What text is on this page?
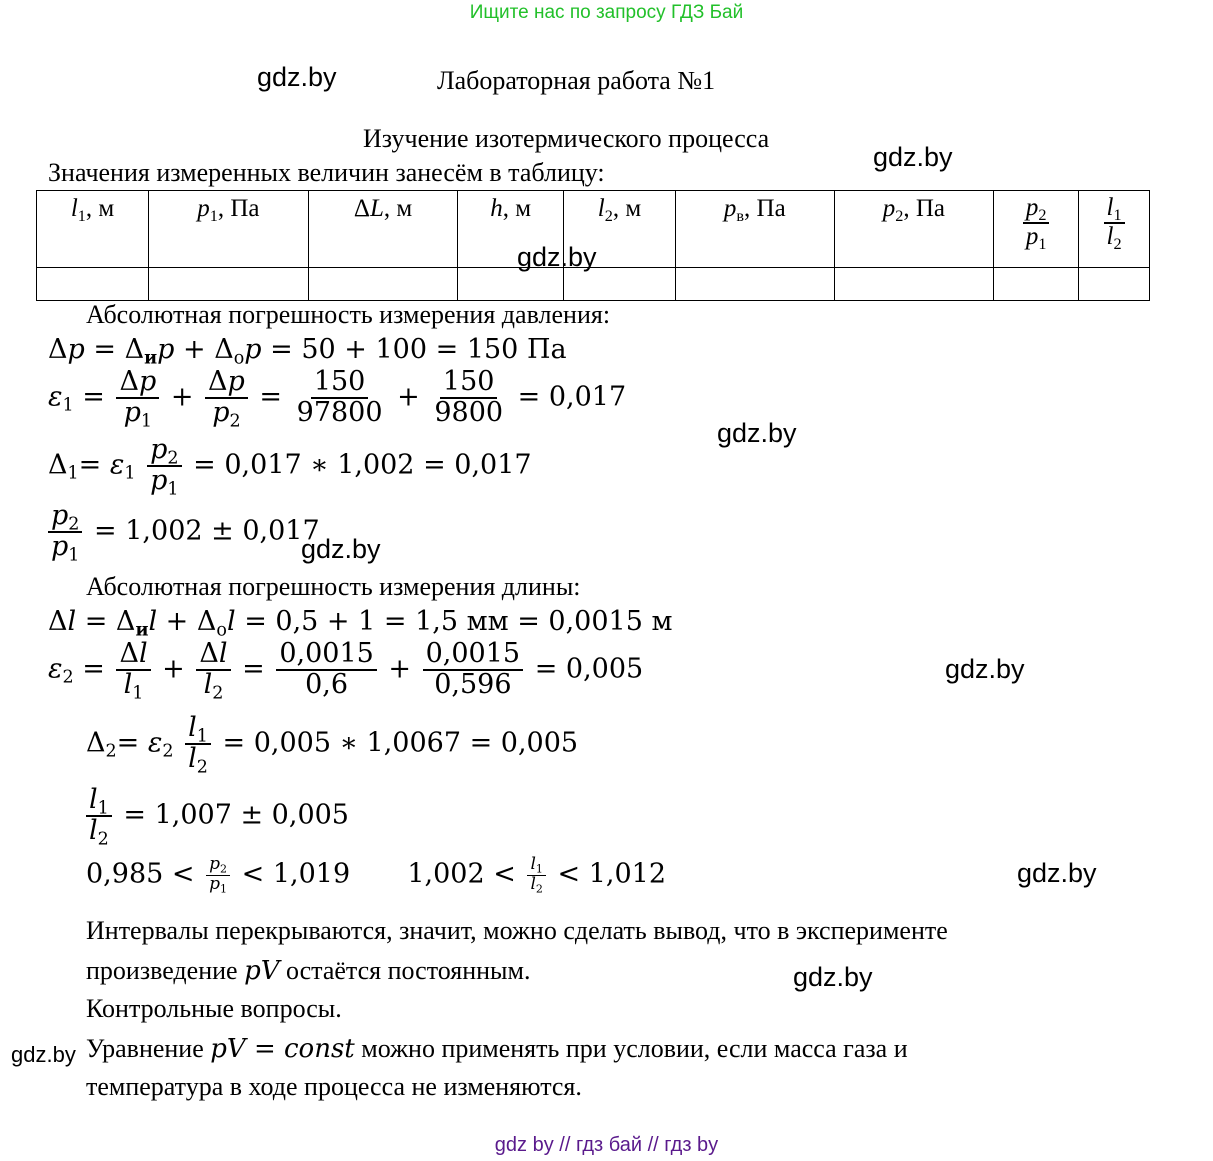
Ищите нас по запросу ГДЗ Бай
gdz.by
gdz.by
gdz.by
gdz.by
gdz.by
gdz.by
gdz.by
gdz.by
gdz.by
Лабораторная работа №1
Изучение изотермического процесса
Значения измеренных величин занесём в таблицу:
$l_1$, м	$p_1$, Па	ΔL, м	h, м	$l_2$, м	$p_в$, Па	$p_2$, Па	$\frac{p_2}{p_1}$	$\frac{l_1}{l_2}$

Абсолютная погрешность измерения давления:
$\Delta p = \Delta_иp + \Delta_оp = 50 + 100 = 150$ Па
$\varepsilon_1 = \frac{\Delta p}{p_1} + \frac{\Delta p}{p_2} = \frac{150}{97800} + \frac{150}{9800} = 0,017$
$\Delta_1= \varepsilon_1 \frac{p_2}{p_1} = 0,017$ ∗ 1,002 = 0,017
$\frac{p_2}{p_1} = 1,002 \pm 0,017$
Абсолютная погрешность измерения длины:
$\Delta l = \Delta_иl + \Delta_оl = 0,5 + 1 = 1,5$ мм = 0,0015 м
$\varepsilon_2 = \frac{\Delta l}{l_1} + \frac{\Delta l}{l_2} = \frac{0,0015}{0,6} + \frac{0,0015}{0,596} = 0,005$
$\Delta_2= \varepsilon_2 \frac{l_1}{l_2} = 0,005$ ∗ 1,0067 = 0,005
$\frac{l_1}{l_2} = 1,007 \pm 0,005$
$0,985 < \frac{p_2}{p_1} < 1,019$ $1,002 < \frac{l_1}{l_2} < 1,012$
Интервалы перекрываются, значит, можно сделать вывод, что в эксперименте
произведение pV остаётся постоянным.
Контрольные вопросы.
Уравнение pV = const можно применять при условии, если масса газа и
температура в ходе процесса не изменяются.
gdz by // гдз бай // гдз by
